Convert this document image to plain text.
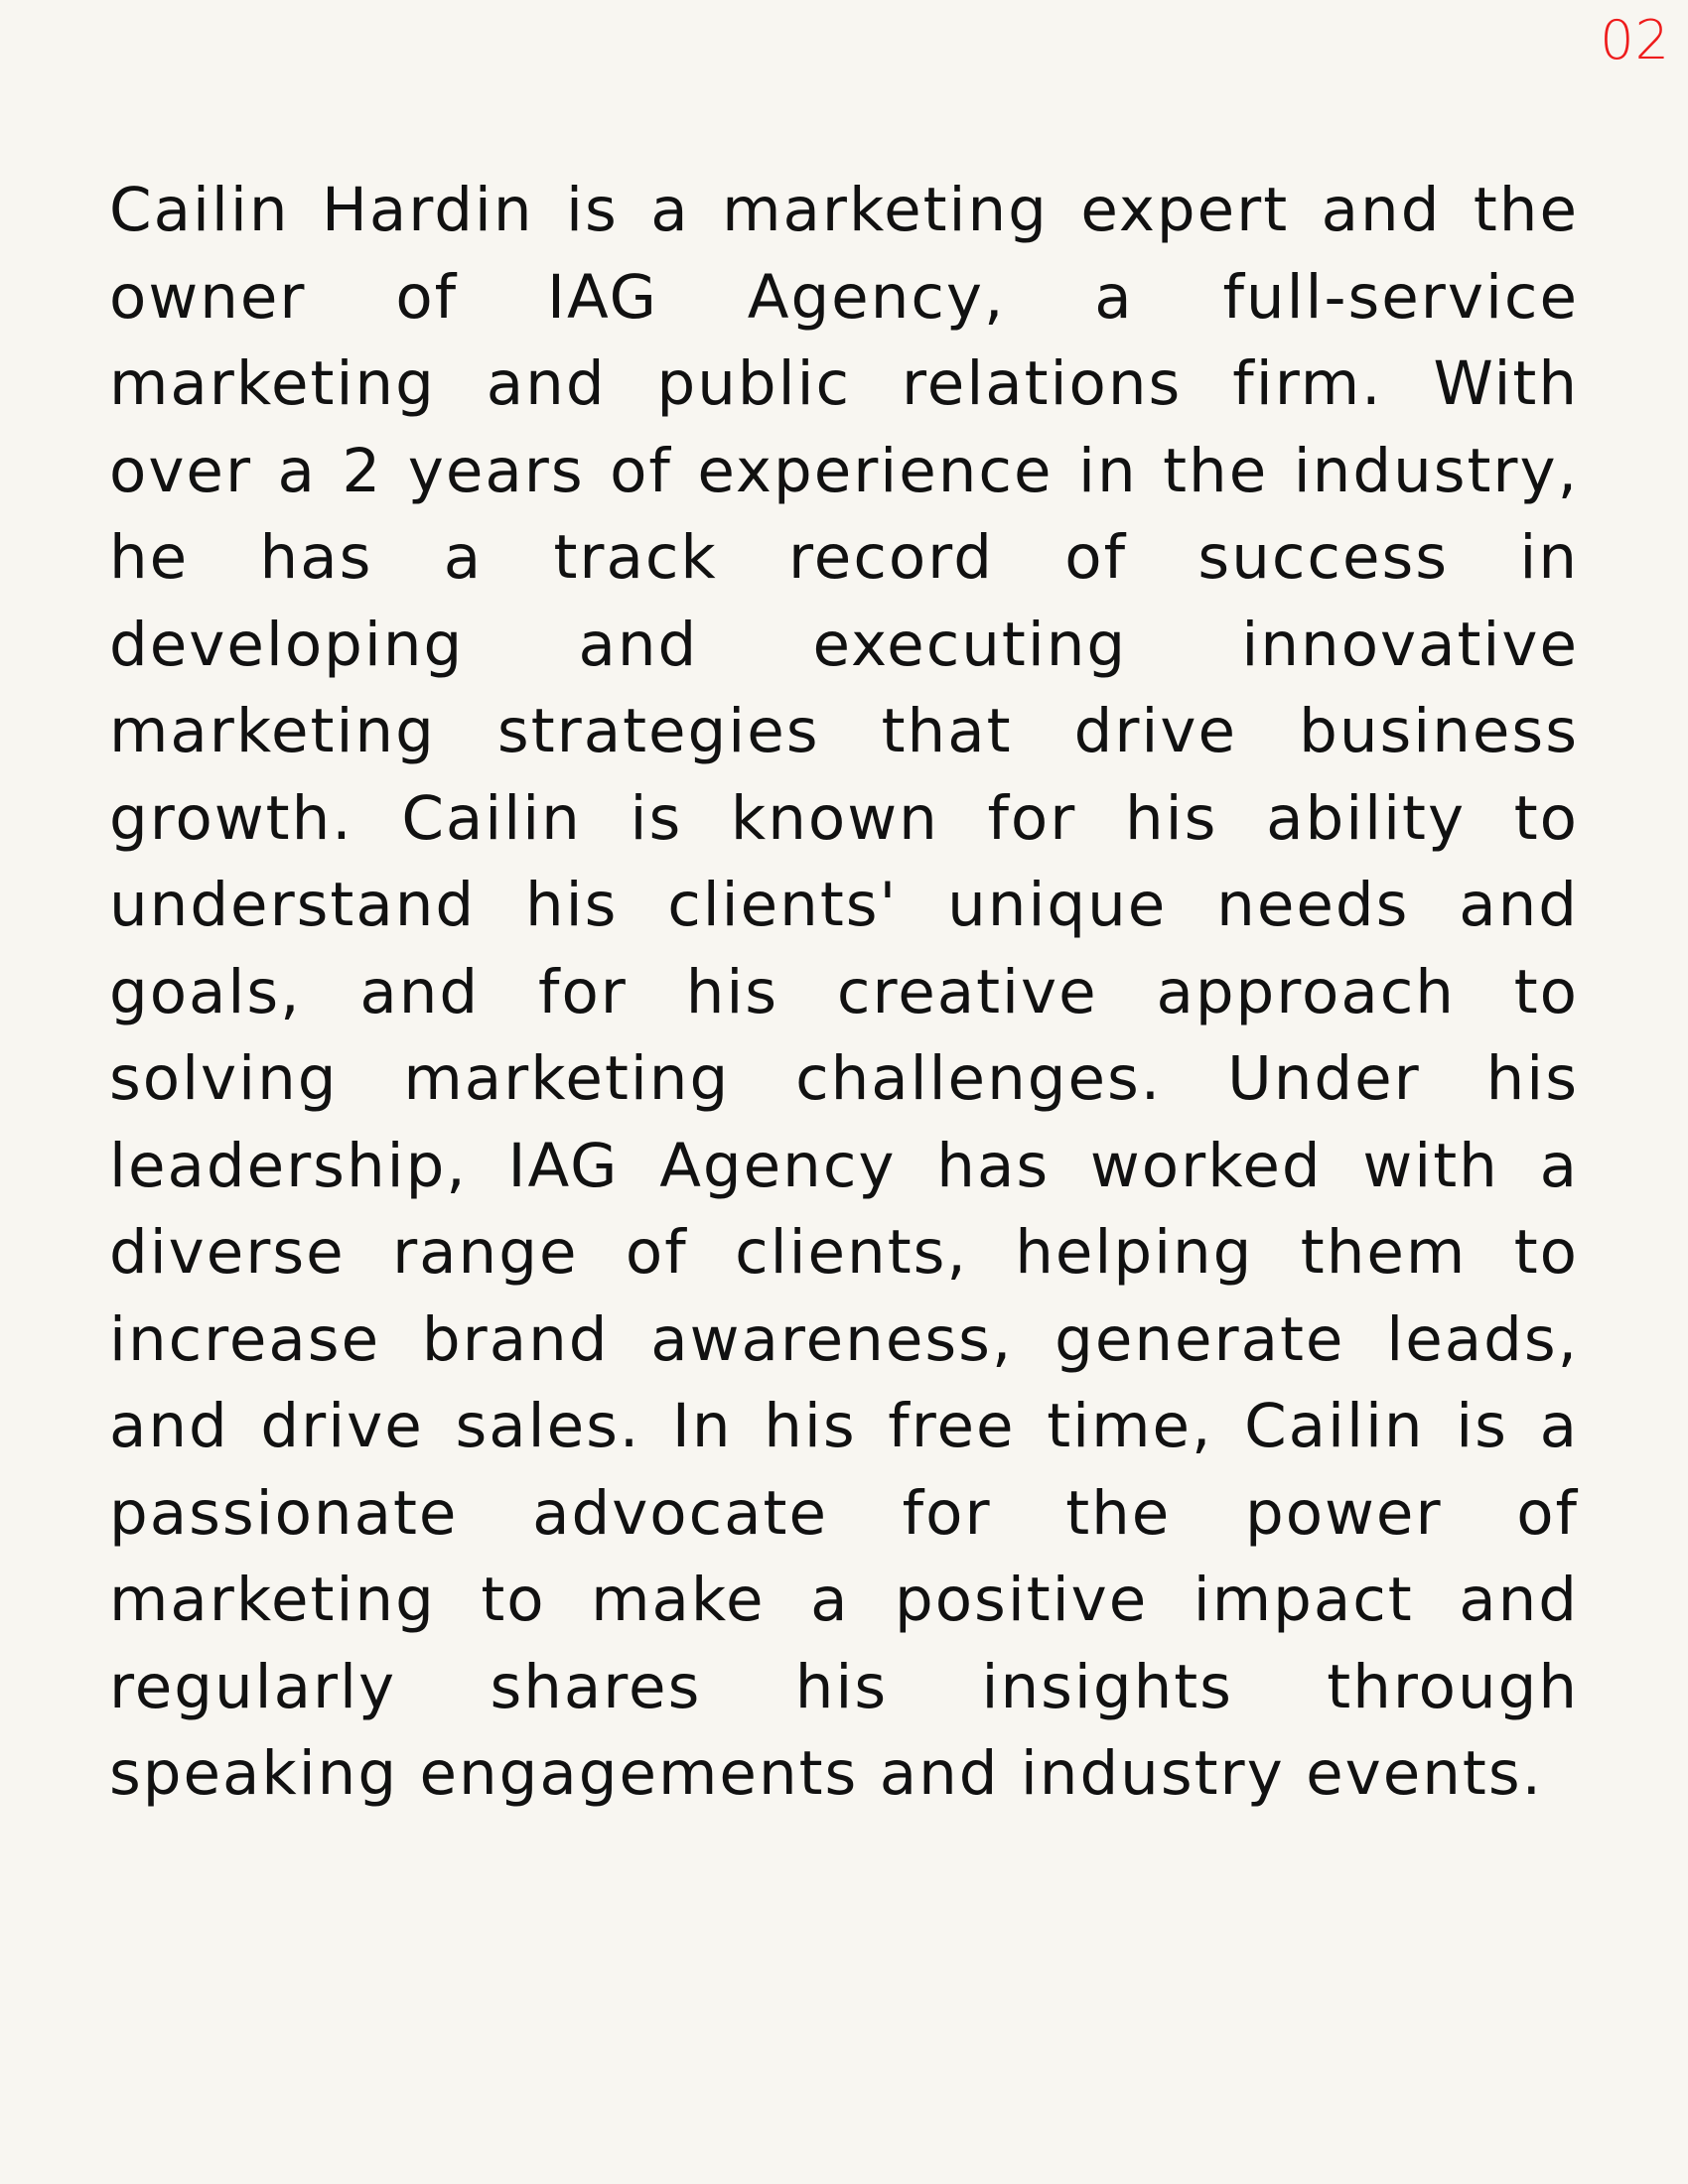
02

Cailin Hardin is a marketing expert and the owner of IAG Agency, a full-service marketing and public relations firm. With over a 2 years of experience in the industry, he has a track record of success in developing and executing innovative marketing strategies that drive business growth. Cailin is known for his ability to understand his clients' unique needs and goals, and for his creative approach to solving marketing challenges. Under his leadership, IAG Agency has worked with a diverse range of clients, helping them to increase brand awareness, generate leads, and drive sales. In his free time, Cailin is a passionate advocate for the power of marketing to make a positive impact and regularly shares his insights through speaking engagements and industry events.
